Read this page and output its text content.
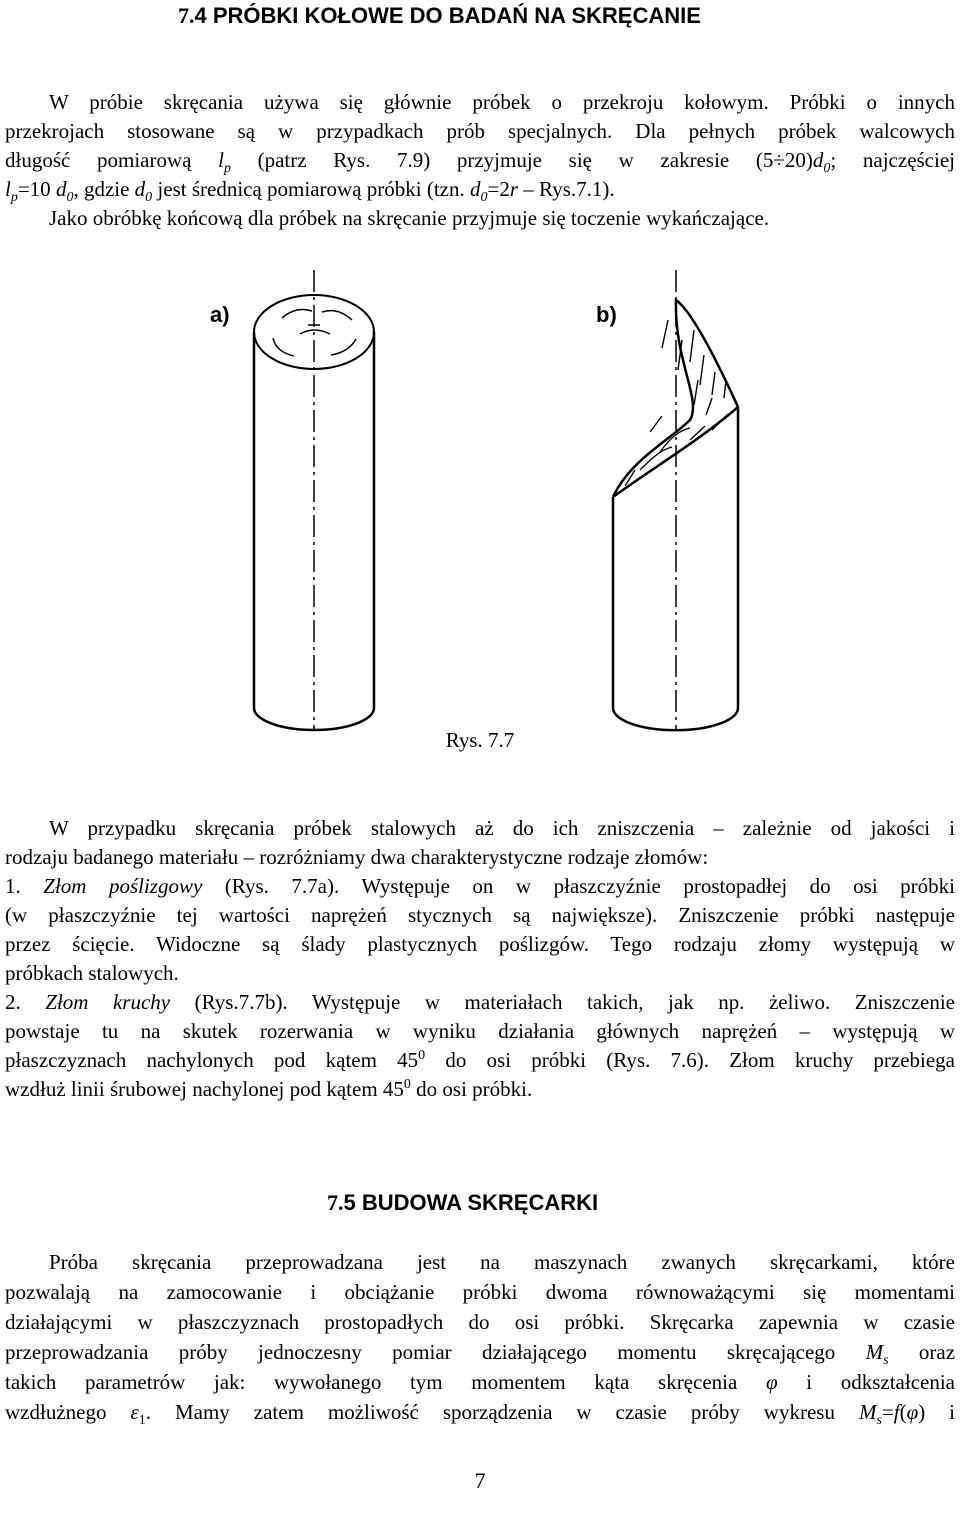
7.4 PRÓBKI KOŁOWE DO BADAŃ NA SKRĘCANIE
W próbie skręcania używa się głównie próbek o przekroju kołowym. Próbki o innych
przekrojach stosowane są w przypadkach prób specjalnych. Dla pełnych próbek walcowych
długość pomiarową $l_p$ (patrz Rys. 7.9) przyjmuje się w zakresie $(5\div 20)d_0$; najczęściej
$l_p=10$ $d_0$, gdzie $d_0$ jest średnicą pomiarową próbki (tzn. $d_0=2r - Rys.7.1$).
Jako obróbkę końcową dla próbek na skręcanie przyjmuje się toczenie wykańczające.
a)	b)
Rys. 7.7
W przypadku skręcania próbek stalowych aż do ich zniszczenia – zależnie od jakości i
rodzaju badanego materiału – rozróżniamy dwa charakterystyczne rodzaje złomów:
1. Złom poślizgowy (Rys. 7.7a). Występuje on w płaszczyźnie prostopadłej do osi próbki
(w płaszczyźnie tej wartości naprężeń stycznych są największe). Zniszczenie próbki następuje
przez ścięcie. Widoczne są ślady plastycznych poślizgów. Tego rodzaju złomy występują w
próbkach stalowych.
2. Złom kruchy (Rys.7.7b). Występuje w materiałach takich, jak np. żeliwo. Zniszczenie
powstaje tu na skutek rozerwania w wyniku działania głównych naprężeń – występują w
płaszczyznach nachylonych pod kątem $45^0$ do osi próbki (Rys. 7.6). Złom kruchy przebiega
wzdłuż linii śrubowej nachylonej pod kątem $45^0$ do osi próbki.
7.5 BUDOWA SKRĘCARKI
Próba skręcania przeprowadzana jest na maszynach zwanych skręcarkami, które
pozwalają na zamocowanie i obciążanie próbki dwoma równoważącymi się momentami
działającymi w płaszczyznach prostopadłych do osi próbki. Skręcarka zapewnia w czasie
przeprowadzania próby jednoczesny pomiar działającego momentu skręcającego $M_s$ oraz
takich parametrów jak: wywołanego tym momentem kąta skręcenia φ i odkształcenia
wzdłużnego $\varepsilon_1$. Mamy zatem możliwość sporządzenia w czasie próby wykresu $M_s=f(\varphi)$ i
7
